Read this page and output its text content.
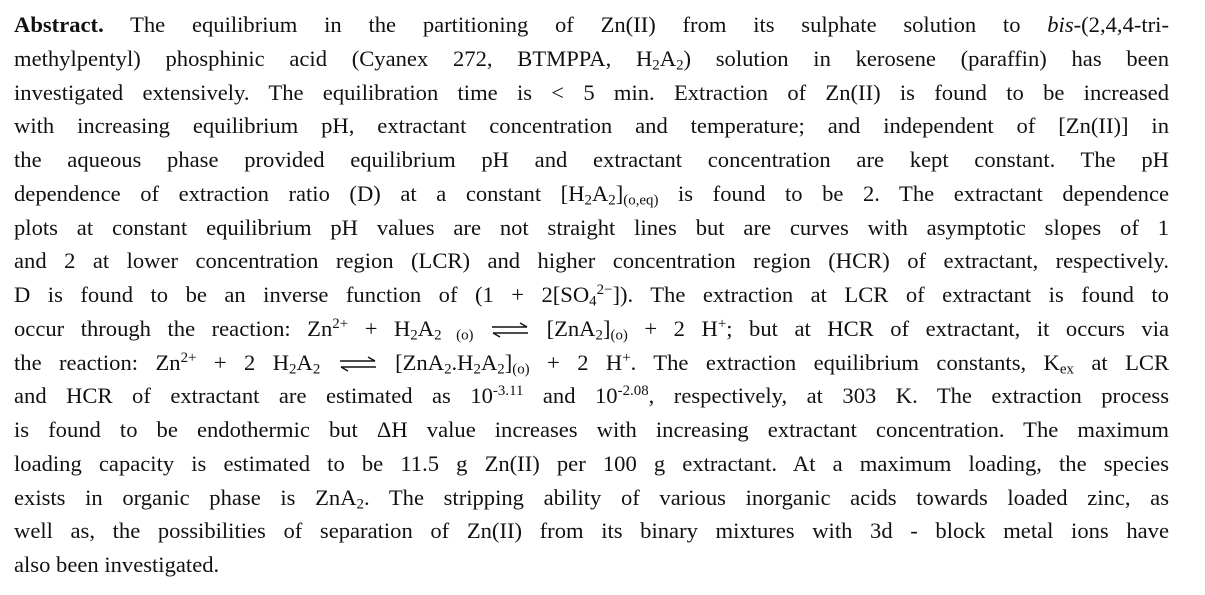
Abstract. The equilibrium in the partitioning of Zn(II) from its sulphate solution to bis-(2,4,4-tri-
methylpentyl) phosphinic acid (Cyanex 272, BTMPPA, $H_2A_2$) solution in kerosene (paraffin) has been
investigated extensively. The equilibration time is < 5 min. Extraction of Zn(II) is found to be increased
with increasing equilibrium pH, extractant concentration and temperature; and independent of [Zn(II)] in
the aqueous phase provided equilibrium pH and extractant concentration are kept constant. The pH
dependence of extraction ratio (D) at a constant $[H_2A_2]_{(o,eq)}$ is found to be 2. The extractant dependence
plots at constant equilibrium pH values are not straight lines but are curves with asymptotic slopes of 1
and 2 at lower concentration region (LCR) and higher concentration region (HCR) of extractant, respectively.
D is found to be an inverse function of $(1 + 2[SO_4^{2-}])$. The extraction at LCR of extractant is found to
occur through the reaction: $Zn^{2+} + H_2A_2$ $_{(o)}$ ⇌ $[ZnA_2]_{(o)} + 2$ H+; but at HCR of extractant, it occurs via
the reaction: $Zn^{2+} + 2$ $H_2A_2$ ⇌ $[ZnA_2.H_2A_2]_{(o)} + 2$ H+. The extraction equilibrium constants, $K_{ex}$ at LCR
and HCR of extractant are estimated as $10^{-3.11}$ and $10^{-2.08}$, respectively, at 303 K. The extraction process
is found to be endothermic but ΔH value increases with increasing extractant concentration. The maximum
loading capacity is estimated to be 11.5 g Zn(II) per 100 g extractant. At a maximum loading, the species
exists in organic phase is ZnA$_2$. The stripping ability of various inorganic acids towards loaded zinc, as
well as, the possibilities of separation of Zn(II) from its binary mixtures with 3d - block metal ions have
also been investigated.
